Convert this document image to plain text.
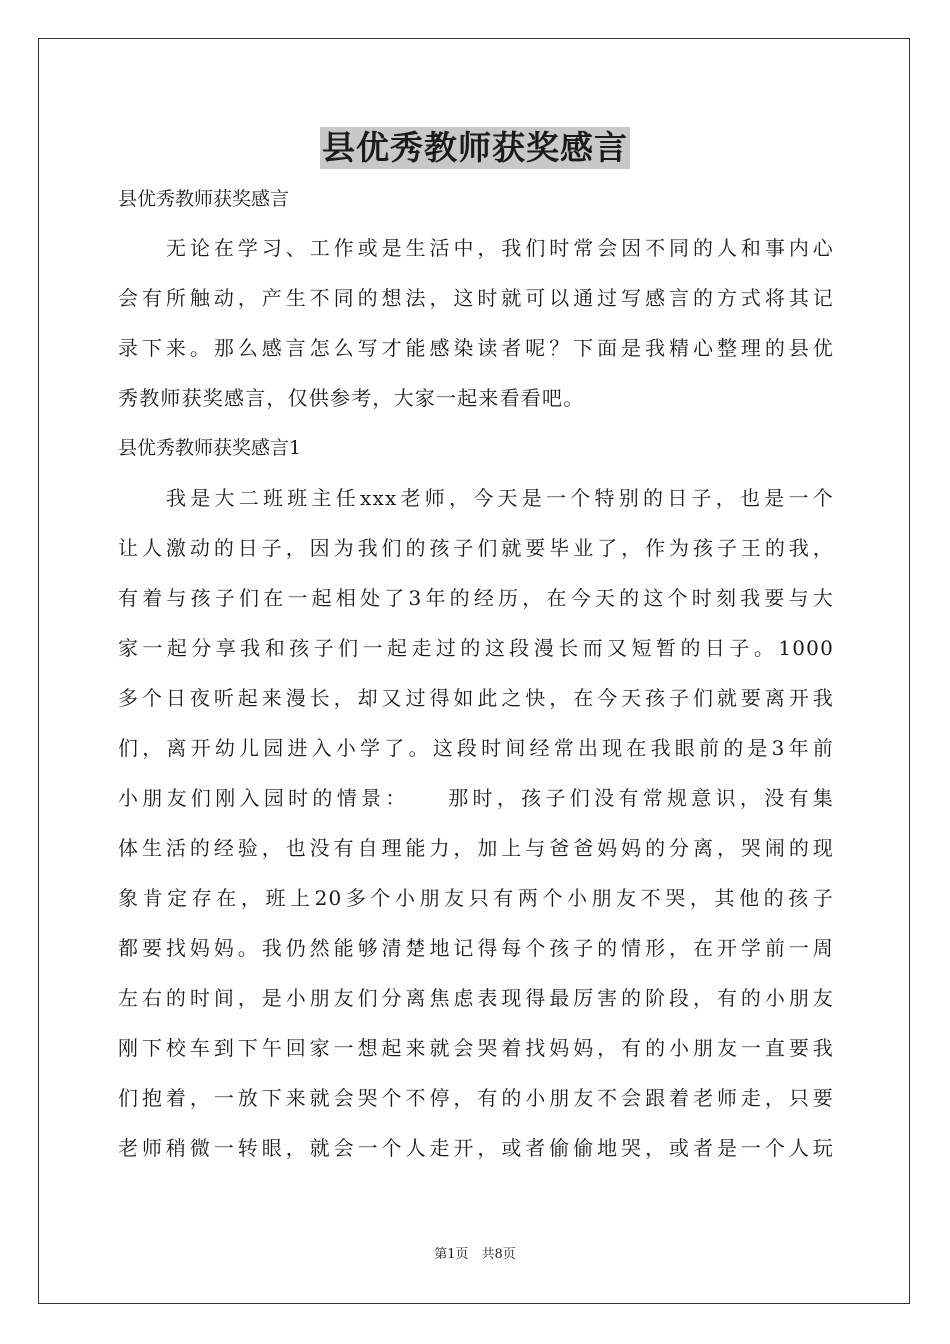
县优秀教师获奖感言
县优秀教师获奖感言
无论在学习、工作或是生活中，我们时常会因不同的人和事内心
会有所触动，产生不同的想法，这时就可以通过写感言的方式将其记
录下来。那么感言怎么写才能感染读者呢？下面是我精心整理的县优
秀教师获奖感言，仅供参考，大家一起来看看吧。
县优秀教师获奖感言1
我是大二班班主任xxx老师，今天是一个特别的日子，也是一个
让人激动的日子，因为我们的孩子们就要毕业了，作为孩子王的我，
有着与孩子们在一起相处了3年的经历，在今天的这个时刻我要与大
家一起分享我和孩子们一起走过的这段漫长而又短暂的日子。1000
多个日夜听起来漫长，却又过得如此之快，在今天孩子们就要离开我
们，离开幼儿园进入小学了。这段时间经常出现在我眼前的是3年前
小朋友们刚入园时的情景：　　那时，孩子们没有常规意识，没有集
体生活的经验，也没有自理能力，加上与爸爸妈妈的分离，哭闹的现
象肯定存在，班上20多个小朋友只有两个小朋友不哭，其他的孩子
都要找妈妈。我仍然能够清楚地记得每个孩子的情形，在开学前一周
左右的时间，是小朋友们分离焦虑表现得最厉害的阶段，有的小朋友
刚下校车到下午回家一想起来就会哭着找妈妈，有的小朋友一直要我
们抱着，一放下来就会哭个不停，有的小朋友不会跟着老师走，只要
老师稍微一转眼，就会一个人走开，或者偷偷地哭，或者是一个人玩
第1页　共8页
